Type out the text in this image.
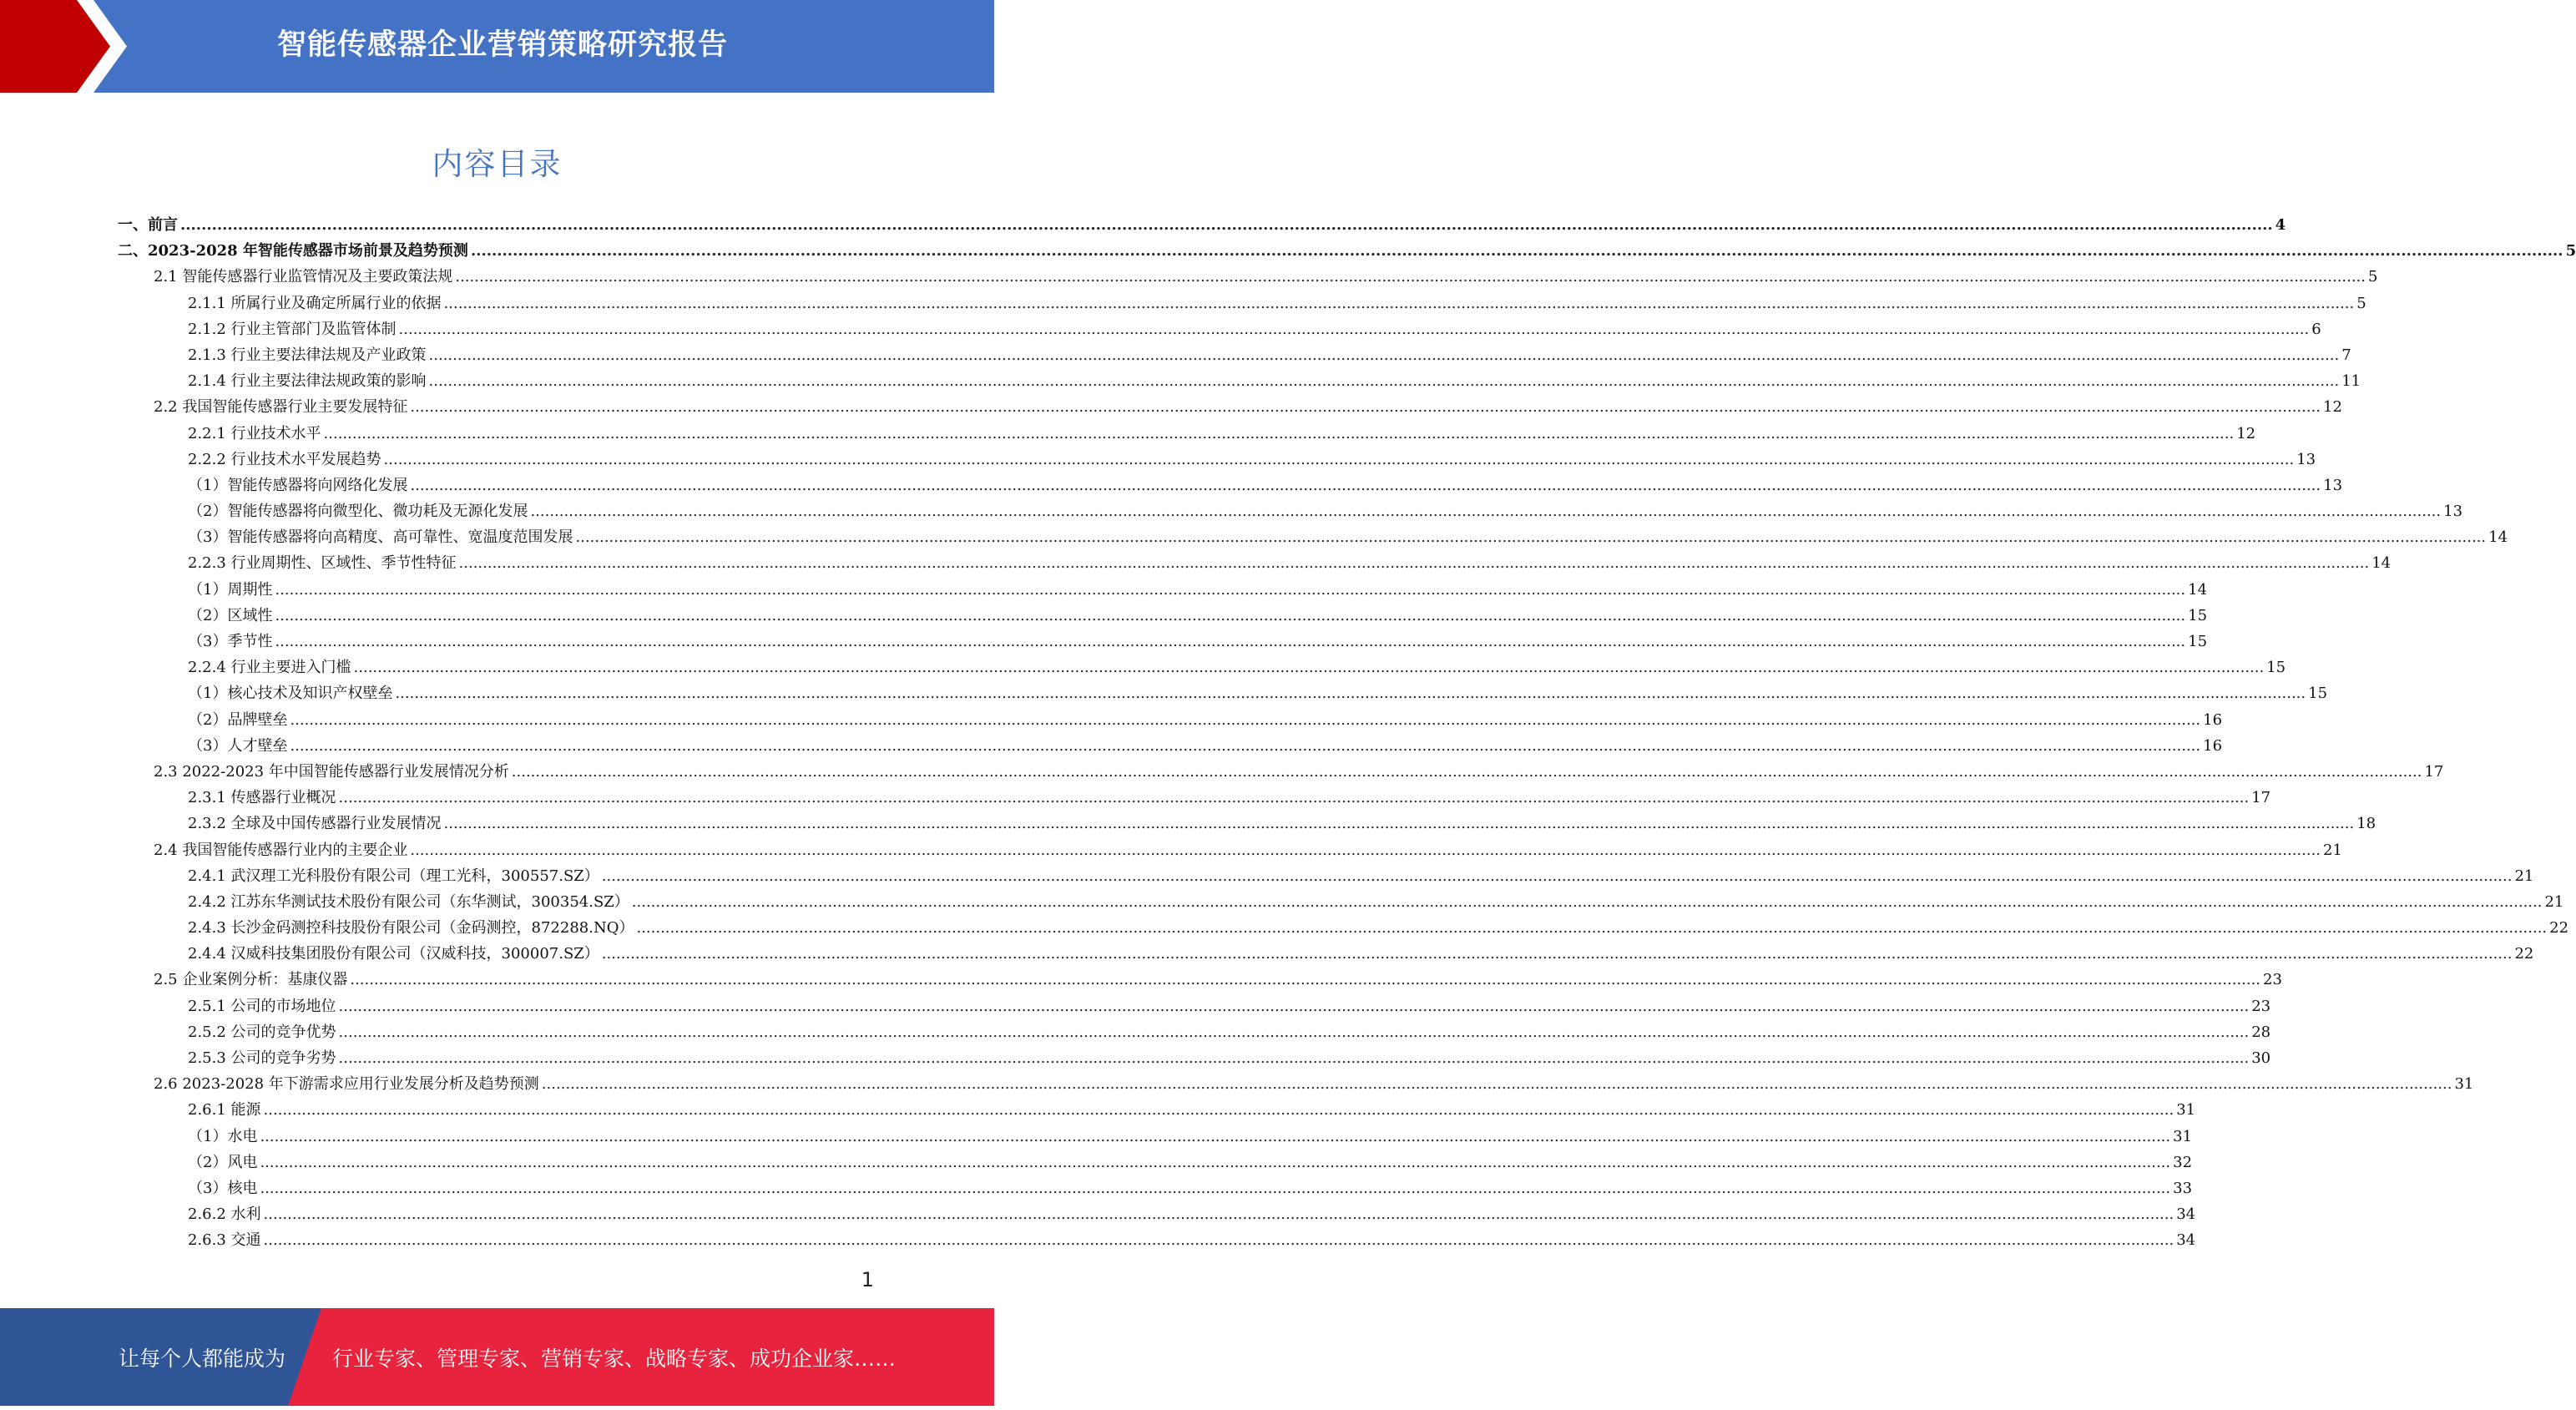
智能传感器企业营销策略研究报告
内容目录
一、前言 ................................................................................................................................................................................................................................................................................................................................................................................................................ 4
二、2023-2028 年智能传感器市场前景及趋势预测 ................................................................................................................................................................................................................................................................................................................................................................................................................ 5
2.1 智能传感器行业监管情况及主要政策法规 ................................................................................................................................................................................................................................................................................................................................................................................................................ 5
2.1.1 所属行业及确定所属行业的依据 ................................................................................................................................................................................................................................................................................................................................................................................................................ 5
2.1.2 行业主管部门及监管体制 ................................................................................................................................................................................................................................................................................................................................................................................................................ 6
2.1.3 行业主要法律法规及产业政策 ................................................................................................................................................................................................................................................................................................................................................................................................................ 7
2.1.4 行业主要法律法规政策的影响 ................................................................................................................................................................................................................................................................................................................................................................................................................ 11
2.2 我国智能传感器行业主要发展特征 ................................................................................................................................................................................................................................................................................................................................................................................................................ 12
2.2.1 行业技术水平 ................................................................................................................................................................................................................................................................................................................................................................................................................ 12
2.2.2 行业技术水平发展趋势 ................................................................................................................................................................................................................................................................................................................................................................................................................ 13
（1）智能传感器将向网络化发展 ................................................................................................................................................................................................................................................................................................................................................................................................................ 13
（2）智能传感器将向微型化、微功耗及无源化发展 ................................................................................................................................................................................................................................................................................................................................................................................................................ 13
（3）智能传感器将向高精度、高可靠性、宽温度范围发展 ................................................................................................................................................................................................................................................................................................................................................................................................................ 14
2.2.3 行业周期性、区域性、季节性特征 ................................................................................................................................................................................................................................................................................................................................................................................................................ 14
（1）周期性 ................................................................................................................................................................................................................................................................................................................................................................................................................ 14
（2）区域性 ................................................................................................................................................................................................................................................................................................................................................................................................................ 15
（3）季节性 ................................................................................................................................................................................................................................................................................................................................................................................................................ 15
2.2.4 行业主要进入门槛 ................................................................................................................................................................................................................................................................................................................................................................................................................ 15
（1）核心技术及知识产权壁垒 ................................................................................................................................................................................................................................................................................................................................................................................................................ 15
（2）品牌壁垒 ................................................................................................................................................................................................................................................................................................................................................................................................................ 16
（3）人才壁垒 ................................................................................................................................................................................................................................................................................................................................................................................................................ 16
2.3 2022-2023 年中国智能传感器行业发展情况分析 ................................................................................................................................................................................................................................................................................................................................................................................................................ 17
2.3.1 传感器行业概况 ................................................................................................................................................................................................................................................................................................................................................................................................................ 17
2.3.2 全球及中国传感器行业发展情况 ................................................................................................................................................................................................................................................................................................................................................................................................................ 18
2.4 我国智能传感器行业内的主要企业 ................................................................................................................................................................................................................................................................................................................................................................................................................ 21
2.4.1 武汉理工光科股份有限公司（理工光科，300557.SZ） ................................................................................................................................................................................................................................................................................................................................................................................................................ 21
2.4.2 江苏东华测试技术股份有限公司（东华测试，300354.SZ） ................................................................................................................................................................................................................................................................................................................................................................................................................ 21
2.4.3 长沙金码测控科技股份有限公司（金码测控，872288.NQ） ................................................................................................................................................................................................................................................................................................................................................................................................................ 22
2.4.4 汉威科技集团股份有限公司（汉威科技，300007.SZ） ................................................................................................................................................................................................................................................................................................................................................................................................................ 22
2.5 企业案例分析：基康仪器 ................................................................................................................................................................................................................................................................................................................................................................................................................ 23
2.5.1 公司的市场地位 ................................................................................................................................................................................................................................................................................................................................................................................................................ 23
2.5.2 公司的竞争优势 ................................................................................................................................................................................................................................................................................................................................................................................................................ 28
2.5.3 公司的竞争劣势 ................................................................................................................................................................................................................................................................................................................................................................................................................ 30
2.6 2023-2028 年下游需求应用行业发展分析及趋势预测 ................................................................................................................................................................................................................................................................................................................................................................................................................ 31
2.6.1 能源 ................................................................................................................................................................................................................................................................................................................................................................................................................ 31
（1）水电 ................................................................................................................................................................................................................................................................................................................................................................................................................ 31
（2）风电 ................................................................................................................................................................................................................................................................................................................................................................................................................ 32
（3）核电 ................................................................................................................................................................................................................................................................................................................................................................................................................ 33
2.6.2 水利 ................................................................................................................................................................................................................................................................................................................................................................................................................ 34
2.6.3 交通 ................................................................................................................................................................................................................................................................................................................................................................................................................ 34
1
让每个人都能成为 行业专家、管理专家、营销专家、战略专家、成功企业家……
